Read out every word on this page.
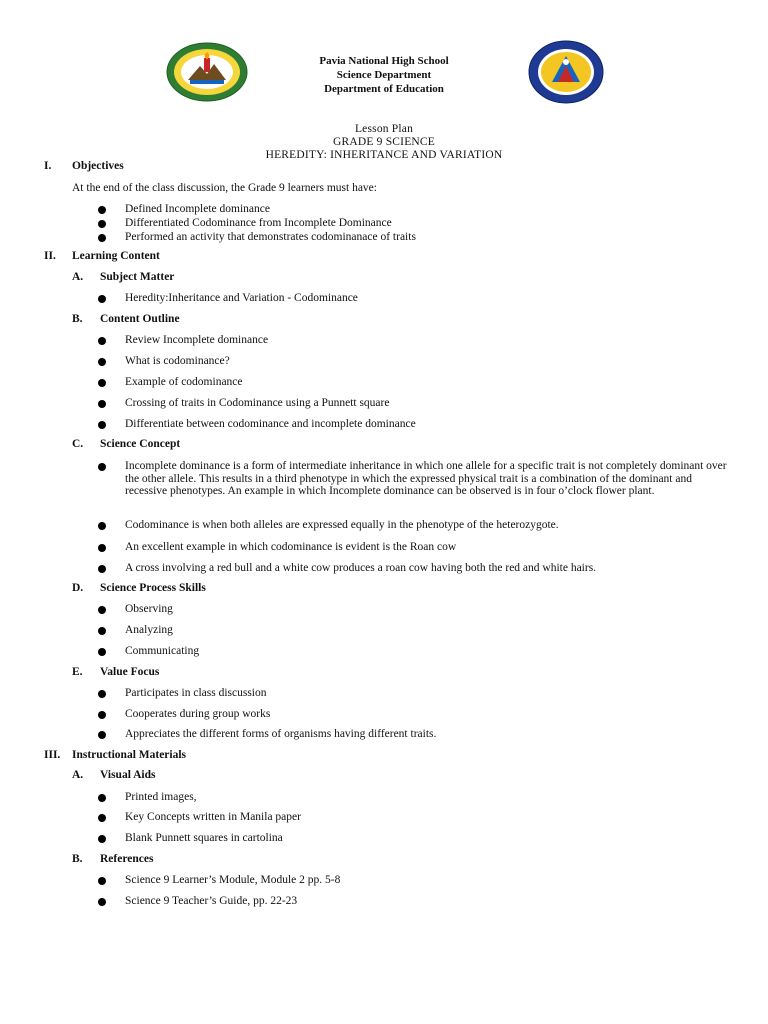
Pavia National High School
Science Department
Department of Education
Lesson Plan
GRADE 9 SCIENCE
HEREDITY: INHERITANCE AND VARIATION
I. Objectives
At the end of the class discussion, the Grade 9 learners must have:
Defined Incomplete dominance
Differentiated Codominance from Incomplete Dominance
Performed an activity that demonstrates codominanace of traits
II. Learning Content
A. Subject Matter
Heredity:Inheritance and Variation - Codominance
B. Content Outline
Review Incomplete dominance
What is codominance?
Example of codominance
Crossing of traits in Codominance using a Punnett square
Differentiate between codominance and incomplete dominance
C. Science Concept
Incomplete dominance is a form of intermediate inheritance in which one allele for a specific trait is not completely dominant over the other allele. This results in a third phenotype in which the expressed physical trait is a combination of the dominant and recessive phenotypes. An example in which Incomplete dominance can be observed is in four o’clock flower plant.
Codominance is when both alleles are expressed equally in the phenotype of the heterozygote.
An excellent example in which codominance is evident is the Roan cow
A cross involving a red bull and a white cow produces a roan cow having both the red and white hairs.
D. Science Process Skills
Observing
Analyzing
Communicating
E. Value Focus
Participates in class discussion
Cooperates during group works
Appreciates the different forms of organisms having different traits.
III. Instructional Materials
A. Visual Aids
Printed images,
Key Concepts written in Manila paper
Blank Punnett squares in cartolina
B. References
Science 9 Learner’s Module, Module 2 pp. 5-8
Science 9 Teacher’s Guide, pp. 22-23
